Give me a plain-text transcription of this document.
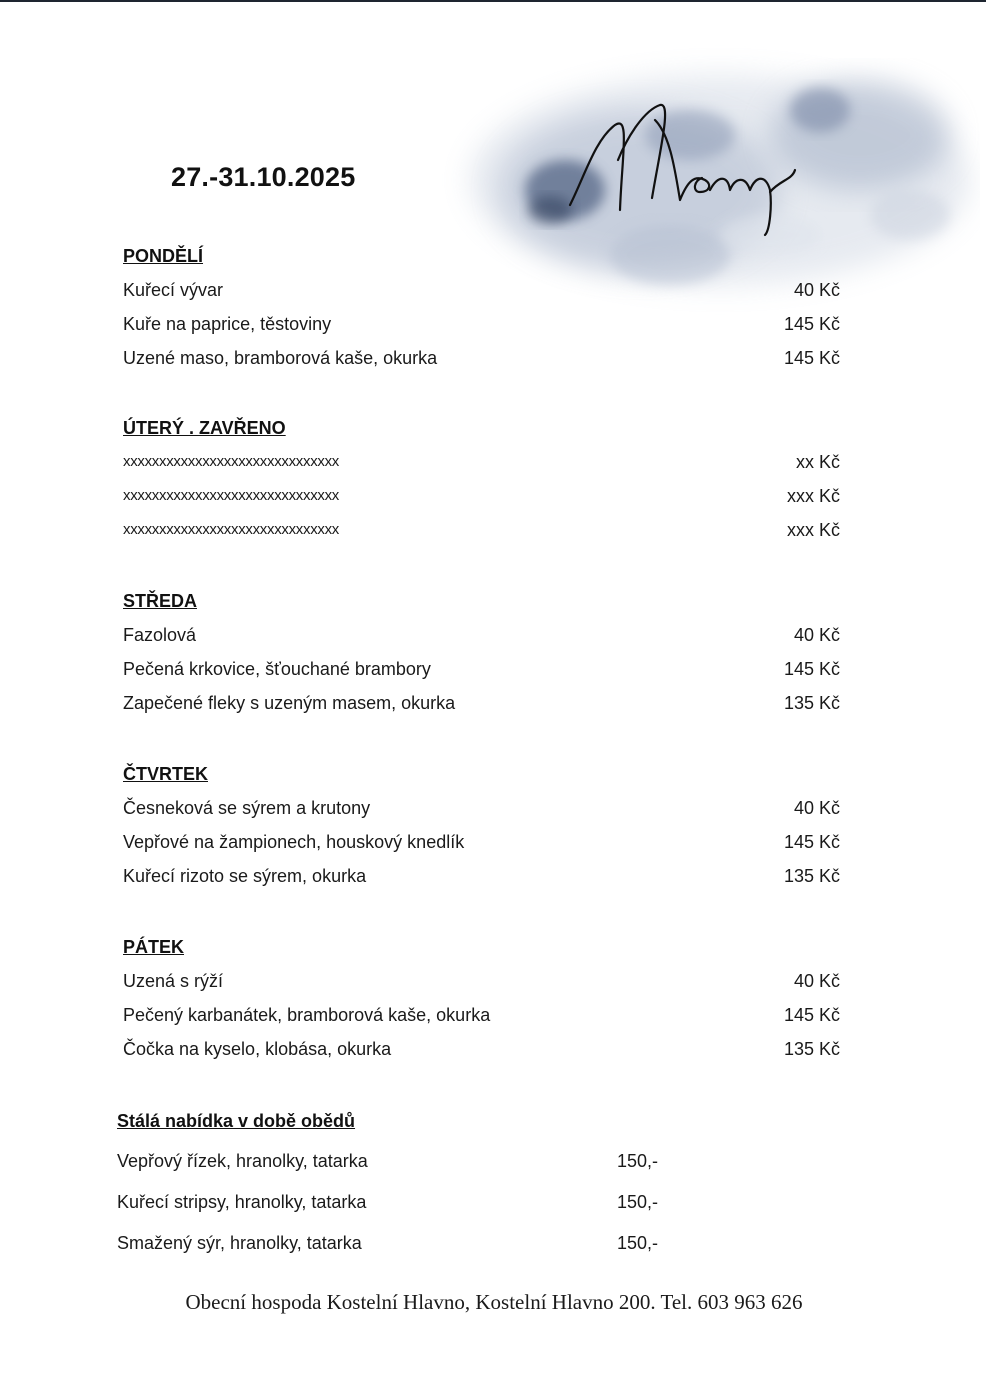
27.-31.10.2025
PONDĚLÍ
Kuřecí vývar	40 Kč
Kuře na paprice, těstoviny	145 Kč
Uzené maso, bramborová kaše, okurka	145 Kč
ÚTERÝ . ZAVŘENO
xxxxxxxxxxxxxxxxxxxxxxxxxxxxxx	xx Kč
xxxxxxxxxxxxxxxxxxxxxxxxxxxxxx	xxx Kč
xxxxxxxxxxxxxxxxxxxxxxxxxxxxxx	xxx Kč
STŘEDA
Fazolová	40 Kč
Pečená krkovice, šťouchané brambory	145 Kč
Zapečené fleky s uzeným masem, okurka	135 Kč
ČTVRTEK
Česneková se sýrem a krutony	40 Kč
Vepřové na žampionech, houskový knedlík	145 Kč
Kuřecí rizoto se sýrem, okurka	135 Kč
PÁTEK
Uzená s rýží	40 Kč
Pečený karbanátek, bramborová kaše, okurka	145 Kč
Čočka na kyselo, klobása, okurka	135 Kč
Stálá nabídka v době obědů
Vepřový řízek, hranolky, tatarka	150,-
Kuřecí stripsy, hranolky, tatarka	150,-
Smažený sýr, hranolky, tatarka	150,-
Obecní hospoda Kostelní Hlavno, Kostelní Hlavno 200. Tel. 603 963 626
